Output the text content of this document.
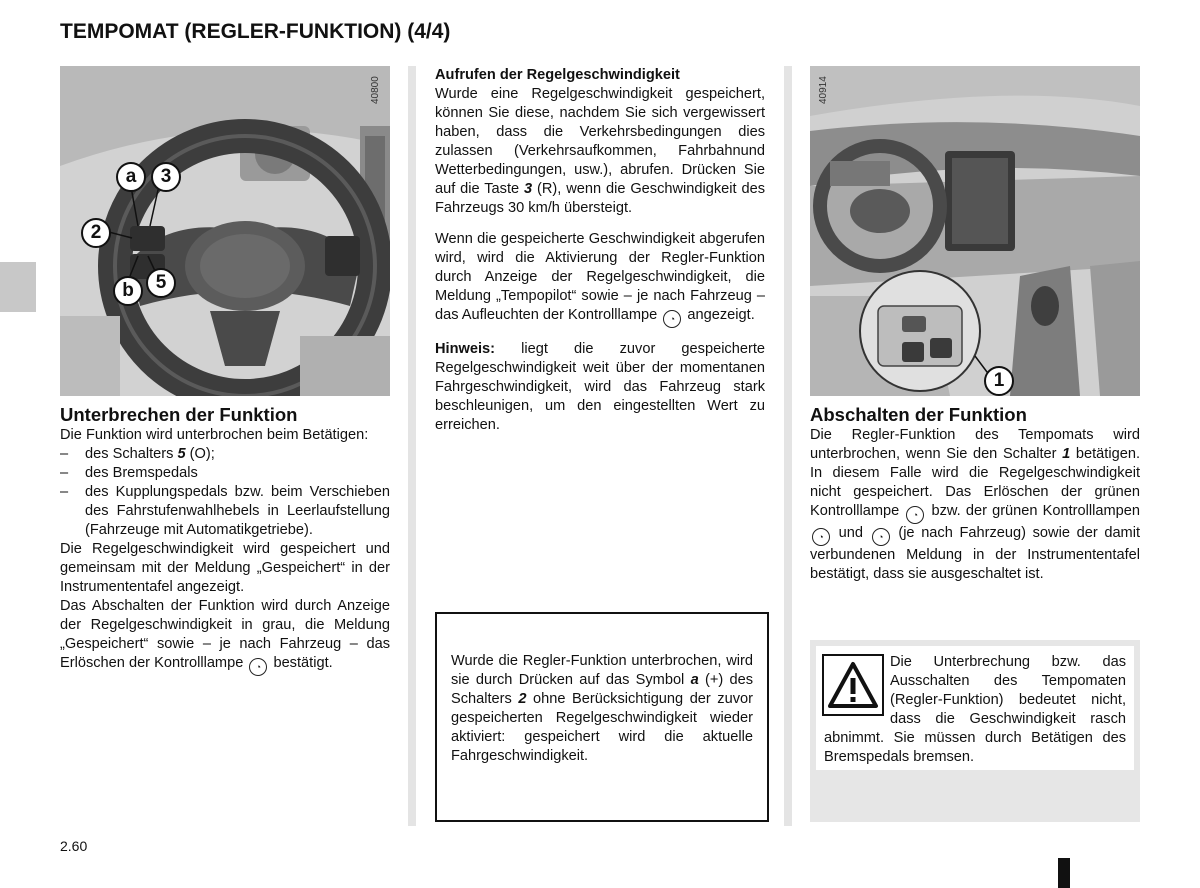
TEMPOMAT (REGLER-FUNKTION) (4/4)
40800
a	3
2
5
b
Unterbrechen der Funktion

Die Funktion wird unterbrochen beim Betätigen:

–	des Schalters 5 (O);
–	des Bremspedals
–	des Kupplungspedals bzw. beim Verschieben des Fahrstufenwahlhebels in Leerlaufstellung (Fahrzeuge mit Automatikgetriebe).

Die Regelgeschwindigkeit wird gespeichert und gemeinsam mit der Meldung „Gespeichert“ in der Instrumententafel angezeigt.

Das Abschalten der Funktion wird durch Anzeige der Regelgeschwindigkeit in grau, die Meldung „Gespeichert“ sowie – je nach Fahrzeug – das Erlöschen der Kontrolllampe ◔ bestätigt.

Aufrufen der Regelgeschwindigkeit

Wurde eine Regelgeschwindigkeit gespeichert, können Sie diese, nachdem Sie sich vergewissert haben, dass die Verkehrsbedingungen dies zulassen (Verkehrsaufkommen, Fahrbahnund Wetterbedingungen, usw.), abrufen. Drücken Sie auf die Taste 3 (R), wenn die Geschwindigkeit des Fahrzeugs 30 km/h übersteigt.

Wenn die gespeicherte Geschwindigkeit abgerufen wird, wird die Aktivierung der Regler-Funktion durch Anzeige der Regelgeschwindigkeit, die Meldung „Tempopilot“ sowie – je nach Fahrzeug – das Aufleuchten der Kontrolllampe ◔ angezeigt.

Hinweis: liegt die zuvor gespeicherte Regelgeschwindigkeit weit über der momentanen Fahrgeschwindigkeit, wird das Fahrzeug stark beschleunigen, um den eingestellten Wert zu erreichen.

Wurde die Regler-Funktion unterbrochen, wird sie durch Drücken auf das Symbol a (+) des Schalters 2 ohne Berücksichtigung der zuvor gespeicherten Regelgeschwindigkeit wieder aktiviert: gespeichert wird die aktuelle Fahrgeschwindigkeit.

40914
1
Abschalten der Funktion

Die Regler-Funktion des Tempomats wird unterbrochen, wenn Sie den Schalter 1 betätigen. In diesem Falle wird die Regelgeschwindigkeit nicht gespeichert. Das Erlöschen der grünen Kontrolllampe ◔ bzw. der grünen Kontrolllampen ◔ und ◔ (je nach Fahrzeug) sowie der damit verbundenen Meldung in der Instrumententafel bestätigt, dass sie ausgeschaltet ist.

Die Unterbrechung bzw. das Ausschalten des Tempomaten (Regler-Funktion) bedeutet nicht, dass die Geschwindigkeit rasch abnimmt. Sie müssen durch Betätigen des Bremspedals bremsen.
2.60
